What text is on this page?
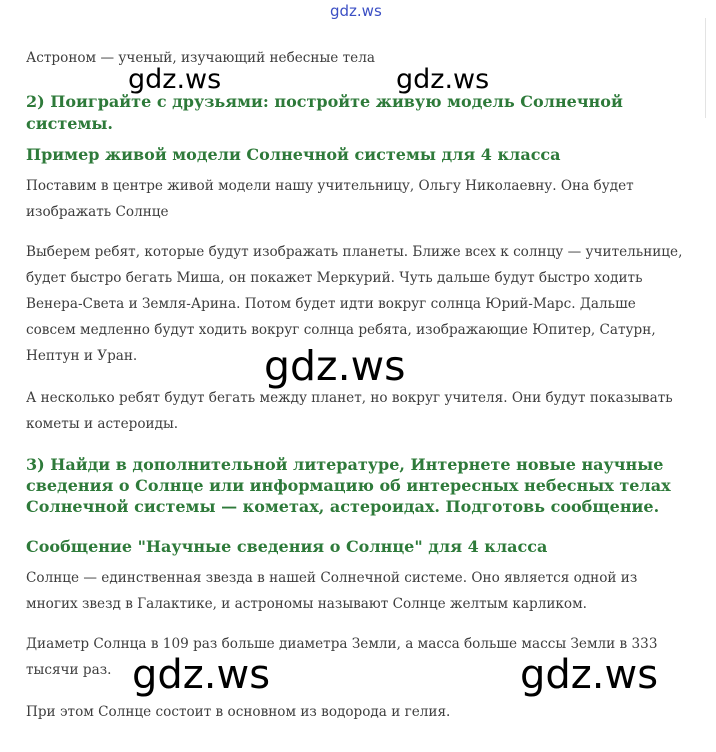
gdz.ws
Астроном — ученый, изучающий небесные тела
gdz.ws	gdz.ws
2) Поиграйте с друзьями: постройте живую модель Солнечной
системы.
Пример живой модели Солнечной системы для 4 класса
Поставим в центре живой модели нашу учительницу, Ольгу Николаевну. Она будет
изображать Солнце
Выберем ребят, которые будут изображать планеты. Ближе всех к солнцу — учительнице,
будет быстро бегать Миша, он покажет Меркурий. Чуть дальше будут быстро ходить
Венера-Света и Земля-Арина. Потом будет идти вокруг солнца Юрий-Марс. Дальше
совсем медленно будут ходить вокруг солнца ребята, изображающие Юпитер, Сатурн,
Нептун и Уран.	gdz.ws
А несколько ребят будут бегать между планет, но вокруг учителя. Они будут показывать
кометы и астероиды.
3) Найди в дополнительной литературе, Интернете новые научные
сведения о Солнце или информацию об интересных небесных телах
Солнечной системы — кометах, астероидах. Подготовь сообщение.
Сообщение "Научные сведения о Солнце" для 4 класса
Солнце — единственная звезда в нашей Солнечной системе. Оно является одной из
многих звезд в Галактике, и астрономы называют Солнце желтым карликом.
Диаметр Солнца в 109 раз больше диаметра Земли, а масса больше массы Земли в 333
тысячи раз. gdz.ws	gdz.ws
При этом Солнце состоит в основном из водорода и гелия.
